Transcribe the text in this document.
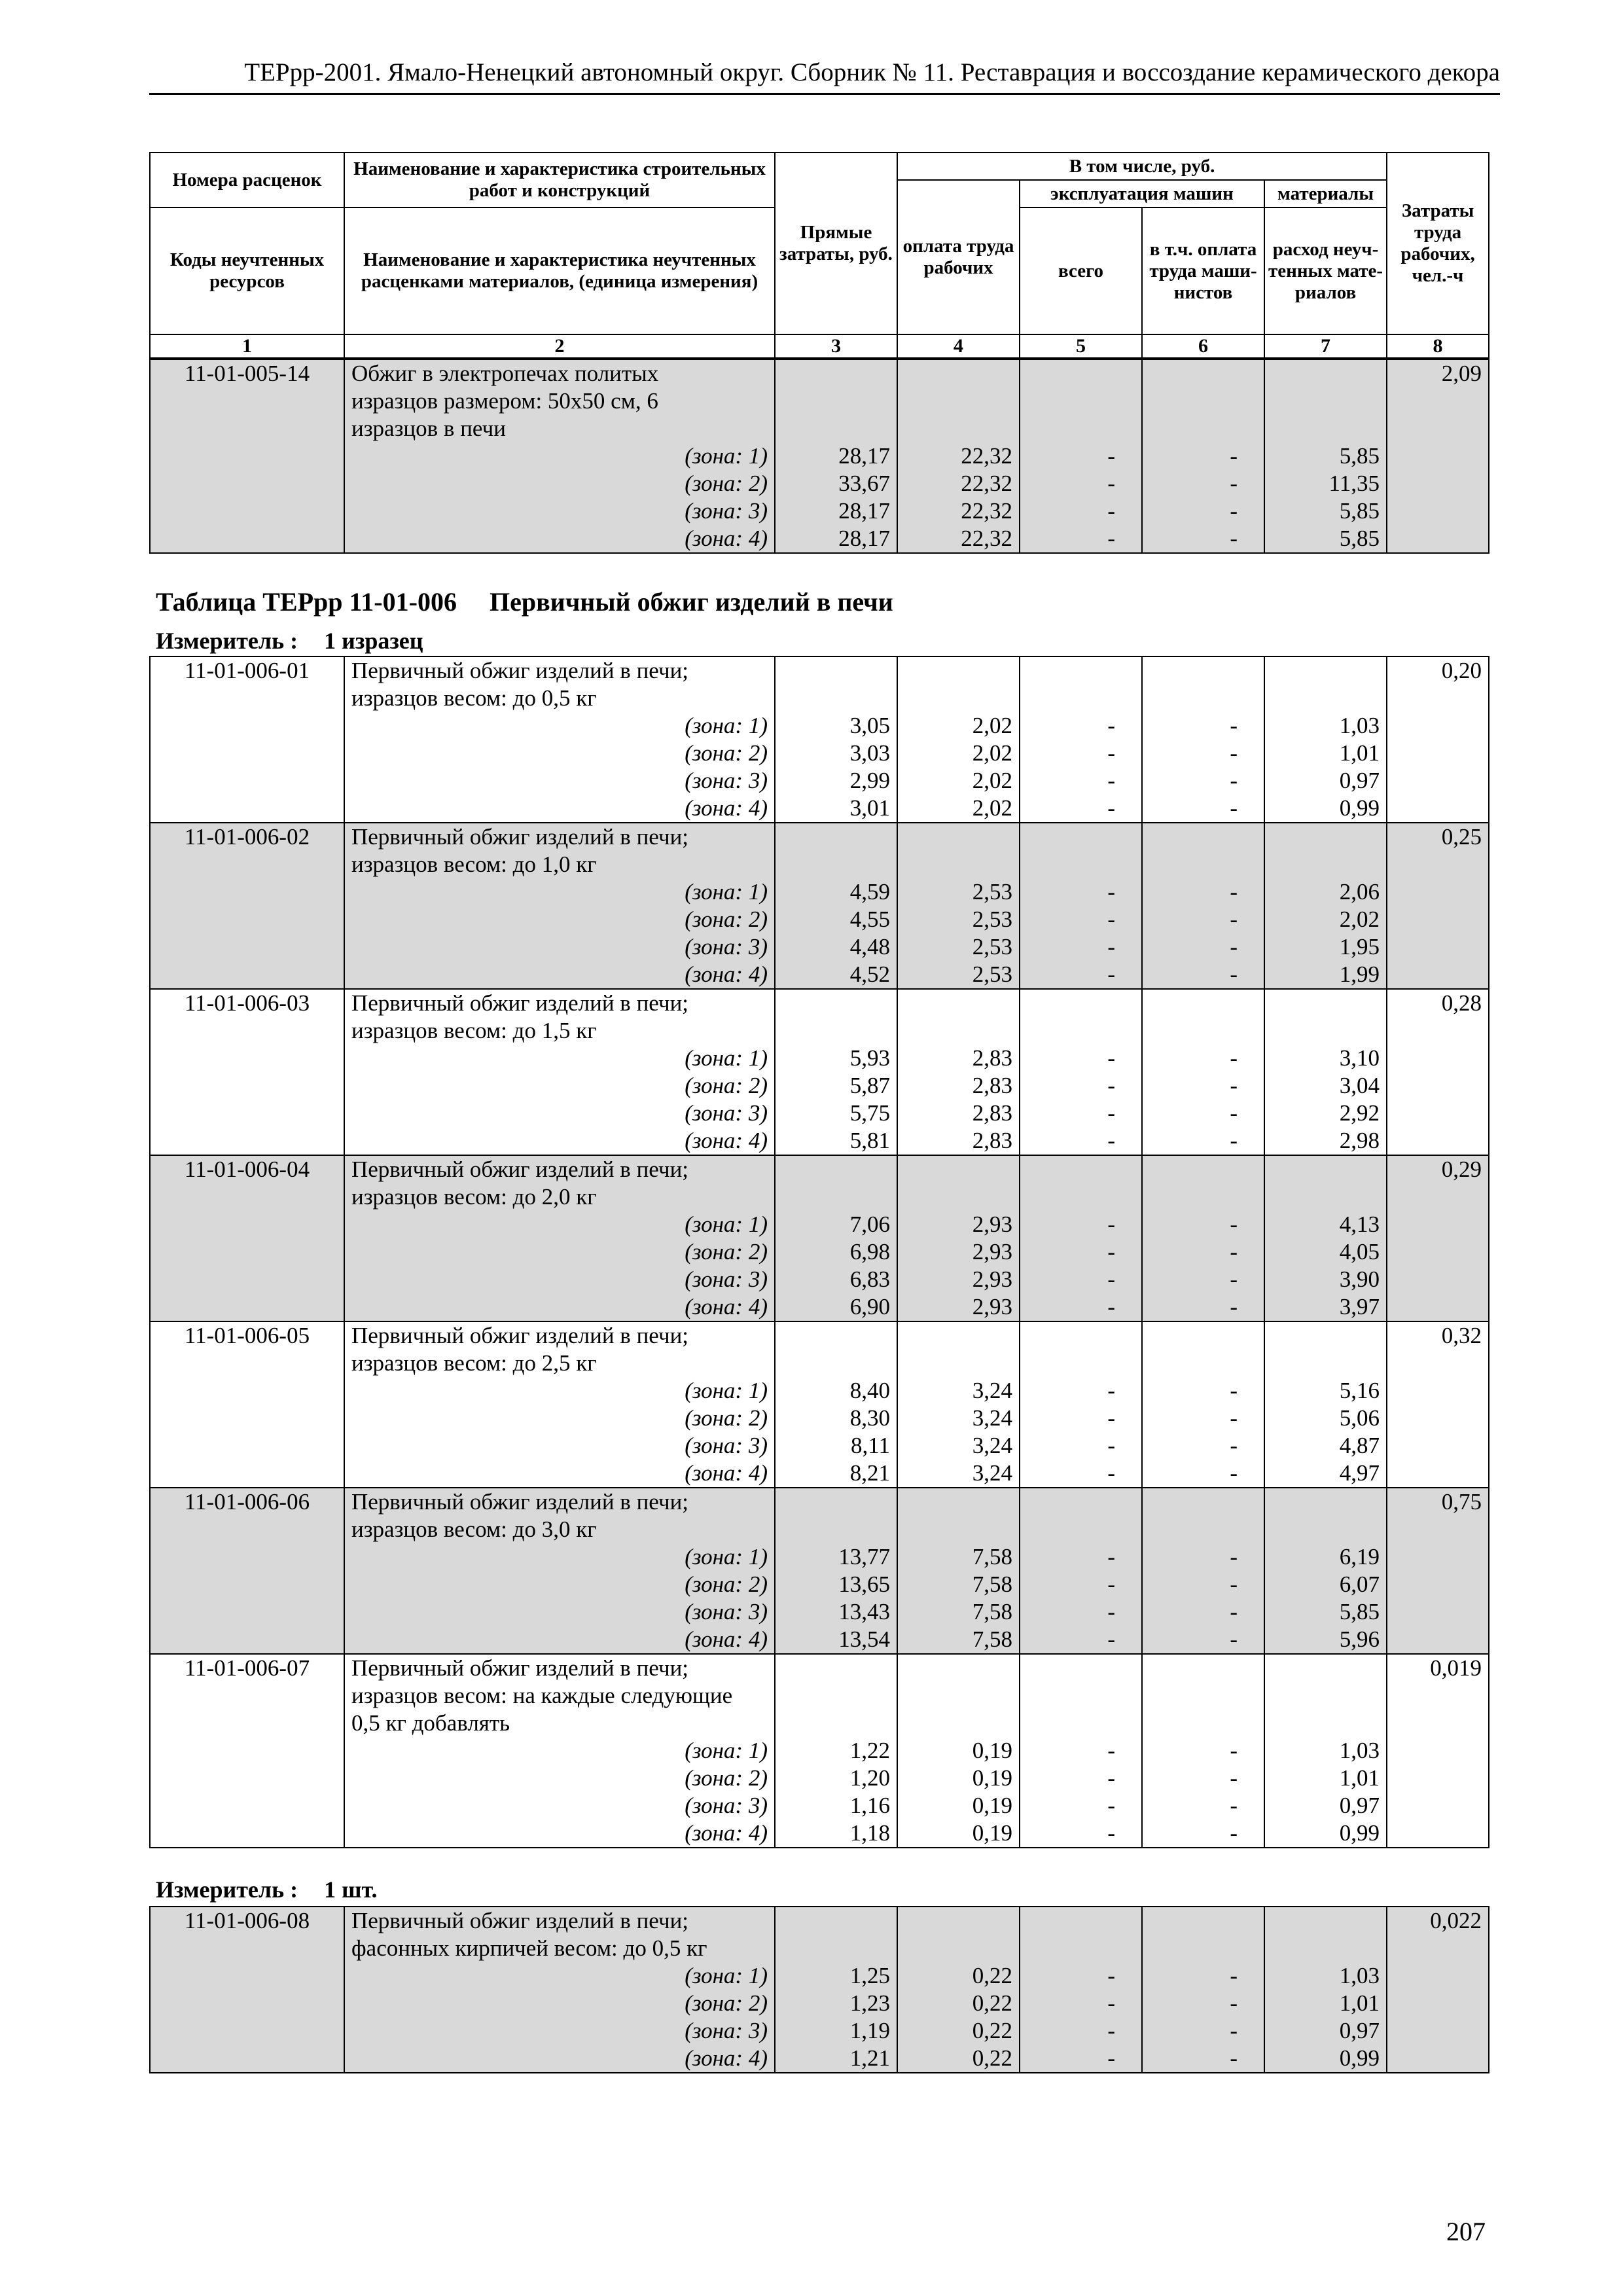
ТЕРрр-2001. Ямало-Ненецкий автономный округ. Сборник № 11. Реставрация и воссоздание керамического декора
Номера расценок	Наименование и характеристика строительных работ и конструкций	Прямые затраты, руб.	В том числе, руб.				Затраты труда рабочих, чел.-ч
			оплата труда рабочих	эксплуатация машин		материалы	
Коды неучтенных ресурсов	Наименование и характеристика неучтенных расценками материалов, (единица измерения)			всего	в т.ч. оплата труда маши-нистов	расход неуч-тенных мате-риалов	
1	2	3	4	5	6	7	8
11-01-005-14	Обжиг в электропечах политых						2,09
	изразцов размером: 50х50 см, 6						
	изразцов в печи						
	(зона: 1)	28,17	22,32	-	-	5,85	
	(зона: 2)	33,67	22,32	-	-	11,35	
	(зона: 3)	28,17	22,32	-	-	5,85	
	(зона: 4)	28,17	22,32	-	-	5,85	
Таблица ТЕРрр 11-01-006 Первичный обжиг изделий в печи
Измеритель : 1 изразец
11-01-006-01	Первичный обжиг изделий в печи;						0,20
	изразцов весом: до 0,5 кг						
	(зона: 1)	3,05	2,02	-	-	1,03	
	(зона: 2)	3,03	2,02	-	-	1,01	
	(зона: 3)	2,99	2,02	-	-	0,97	
	(зона: 4)	3,01	2,02	-	-	0,99	
11-01-006-02	Первичный обжиг изделий в печи;						0,25
	изразцов весом: до 1,0 кг						
	(зона: 1)	4,59	2,53	-	-	2,06	
	(зона: 2)	4,55	2,53	-	-	2,02	
	(зона: 3)	4,48	2,53	-	-	1,95	
	(зона: 4)	4,52	2,53	-	-	1,99	
11-01-006-03	Первичный обжиг изделий в печи;						0,28
	изразцов весом: до 1,5 кг						
	(зона: 1)	5,93	2,83	-	-	3,10	
	(зона: 2)	5,87	2,83	-	-	3,04	
	(зона: 3)	5,75	2,83	-	-	2,92	
	(зона: 4)	5,81	2,83	-	-	2,98	
11-01-006-04	Первичный обжиг изделий в печи;						0,29
	изразцов весом: до 2,0 кг						
	(зона: 1)	7,06	2,93	-	-	4,13	
	(зона: 2)	6,98	2,93	-	-	4,05	
	(зона: 3)	6,83	2,93	-	-	3,90	
	(зона: 4)	6,90	2,93	-	-	3,97	
11-01-006-05	Первичный обжиг изделий в печи;						0,32
	изразцов весом: до 2,5 кг						
	(зона: 1)	8,40	3,24	-	-	5,16	
	(зона: 2)	8,30	3,24	-	-	5,06	
	(зона: 3)	8,11	3,24	-	-	4,87	
	(зона: 4)	8,21	3,24	-	-	4,97	
11-01-006-06	Первичный обжиг изделий в печи;						0,75
	изразцов весом: до 3,0 кг						
	(зона: 1)	13,77	7,58	-	-	6,19	
	(зона: 2)	13,65	7,58	-	-	6,07	
	(зона: 3)	13,43	7,58	-	-	5,85	
	(зона: 4)	13,54	7,58	-	-	5,96	
11-01-006-07	Первичный обжиг изделий в печи;						0,019
	изразцов весом: на каждые следующие						
	0,5 кг добавлять						
	(зона: 1)	1,22	0,19	-	-	1,03	
	(зона: 2)	1,20	0,19	-	-	1,01	
	(зона: 3)	1,16	0,19	-	-	0,97	
	(зона: 4)	1,18	0,19	-	-	0,99	
Измеритель : 1 шт.
11-01-006-08	Первичный обжиг изделий в печи;						0,022
	фасонных кирпичей весом: до 0,5 кг						
	(зона: 1)	1,25	0,22	-	-	1,03	
	(зона: 2)	1,23	0,22	-	-	1,01	
	(зона: 3)	1,19	0,22	-	-	0,97	
	(зона: 4)	1,21	0,22	-	-	0,99	
207
